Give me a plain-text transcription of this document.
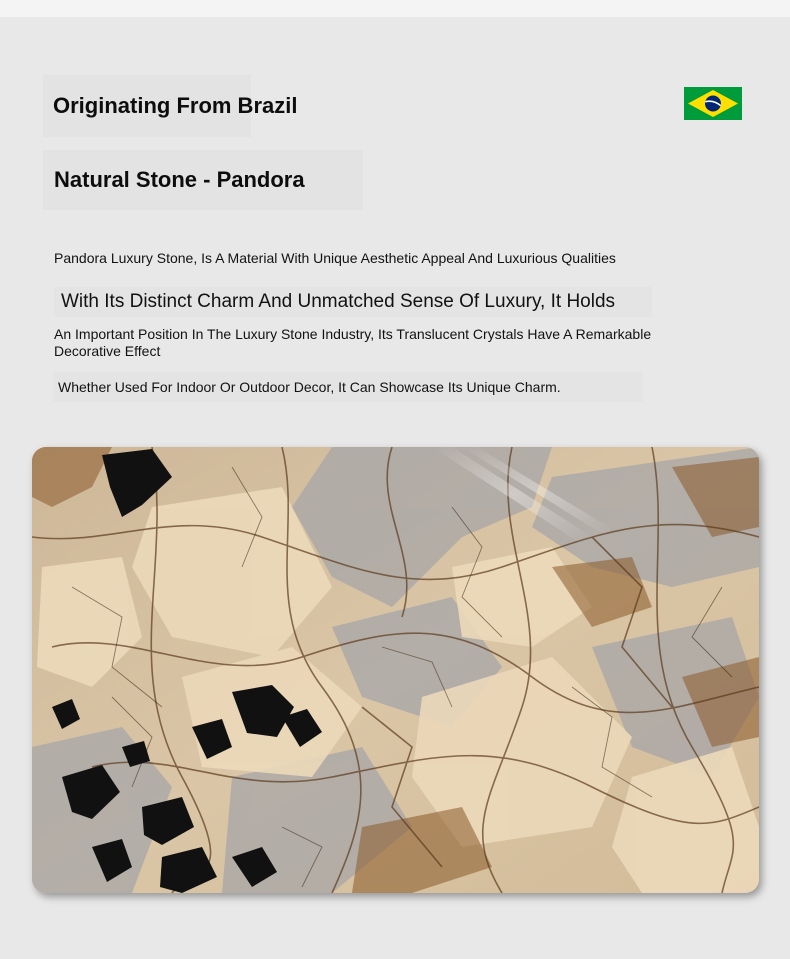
Originating From Brazil
Natural Stone - Pandora
Pandora Luxury Stone, Is A Material With Unique Aesthetic Appeal And Luxurious Qualities
With Its Distinct Charm And Unmatched Sense Of Luxury, It Holds
An Important Position In The Luxury Stone Industry, Its Translucent Crystals Have A Remarkable Decorative Effect
Whether Used For Indoor Or Outdoor Decor, It Can Showcase Its Unique Charm.
